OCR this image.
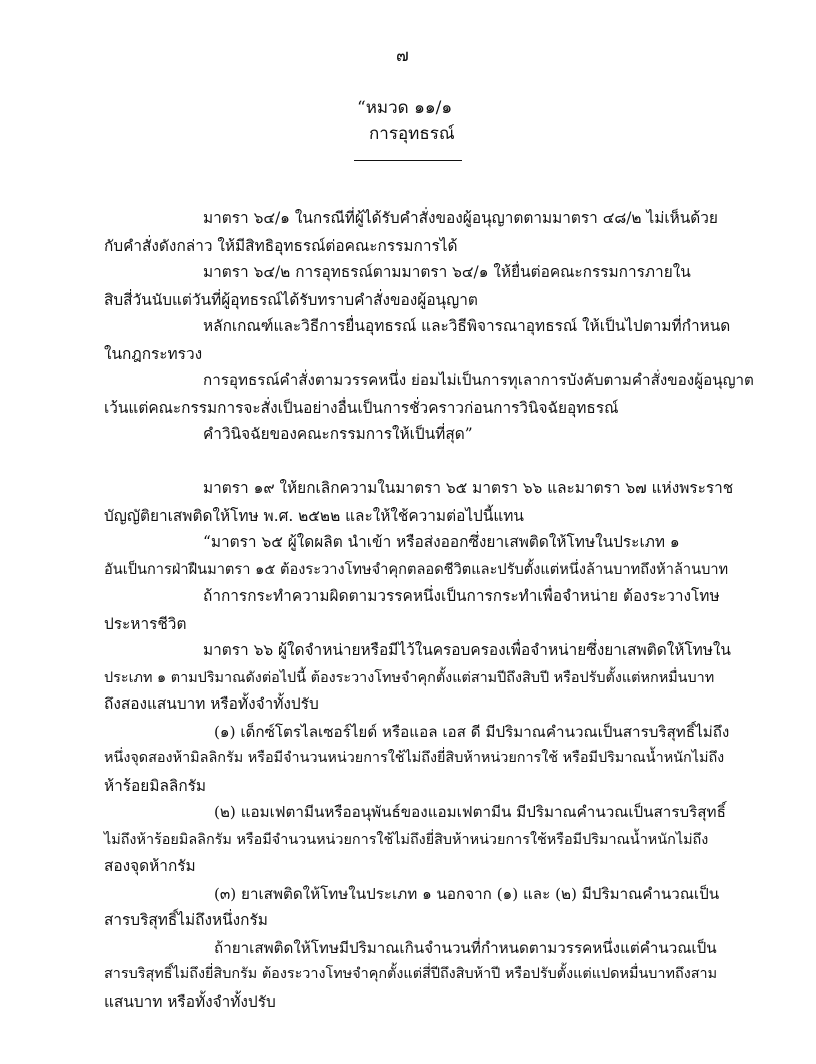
๗
“หมวด ๑๑/๑
การอุทธรณ์
มาตรา ๖๔/๑ ในกรณีที่ผู้ได้รับคำสั่งของผู้อนุญาตตามมาตรา ๔๘/๒ ไม่เห็นด้วย
กับคำสั่งดังกล่าว ให้มีสิทธิอุทธรณ์ต่อคณะกรรมการได้
มาตรา ๖๔/๒ การอุทธรณ์ตามมาตรา ๖๔/๑ ให้ยื่นต่อคณะกรรมการภายใน
สิบสี่วันนับแต่วันที่ผู้อุทธรณ์ได้รับทราบคำสั่งของผู้อนุญาต
หลักเกณฑ์และวิธีการยื่นอุทธรณ์ และวิธีพิจารณาอุทธรณ์ ให้เป็นไปตามที่กำหนด
ในกฎกระทรวง
การอุทธรณ์คำสั่งตามวรรคหนึ่ง ย่อมไม่เป็นการทุเลาการบังคับตามคำสั่งของผู้อนุญาต
เว้นแต่คณะกรรมการจะสั่งเป็นอย่างอื่นเป็นการชั่วคราวก่อนการวินิจฉัยอุทธรณ์
คำวินิจฉัยของคณะกรรมการให้เป็นที่สุด”
มาตรา ๑๙ ให้ยกเลิกความในมาตรา ๖๕ มาตรา ๖๖ และมาตรา ๖๗ แห่งพระราช
บัญญัติยาเสพติดให้โทษ พ.ศ. ๒๕๒๒ และให้ใช้ความต่อไปนี้แทน
“มาตรา ๖๕ ผู้ใดผลิต นำเข้า หรือส่งออกซึ่งยาเสพติดให้โทษในประเภท ๑
อันเป็นการฝ่าฝืนมาตรา ๑๕ ต้องระวางโทษจำคุกตลอดชีวิตและปรับตั้งแต่หนึ่งล้านบาทถึงห้าล้านบาท
ถ้าการกระทำความผิดตามวรรคหนึ่งเป็นการกระทำเพื่อจำหน่าย ต้องระวางโทษ
ประหารชีวิต
มาตรา ๖๖ ผู้ใดจำหน่ายหรือมีไว้ในครอบครองเพื่อจำหน่ายซึ่งยาเสพติดให้โทษใน
ประเภท ๑ ตามปริมาณดังต่อไปนี้ ต้องระวางโทษจำคุกตั้งแต่สามปีถึงสิบปี หรือปรับตั้งแต่หกหมื่นบาท
ถึงสองแสนบาท หรือทั้งจำทั้งปรับ
(๑) เด็กซ์โตรไลเซอร์ไยด์ หรือแอล เอส ดี มีปริมาณคำนวณเป็นสารบริสุทธิ์ไม่ถึง
หนึ่งจุดสองห้ามิลลิกรัม หรือมีจำนวนหน่วยการใช้ไม่ถึงยี่สิบห้าหน่วยการใช้ หรือมีปริมาณน้ำหนักไม่ถึง
ห้าร้อยมิลลิกรัม
(๒) แอมเฟตามีนหรืออนุพันธ์ของแอมเฟตามีน มีปริมาณคำนวณเป็นสารบริสุทธิ์
ไม่ถึงห้าร้อยมิลลิกรัม หรือมีจำนวนหน่วยการใช้ไม่ถึงยี่สิบห้าหน่วยการใช้หรือมีปริมาณน้ำหนักไม่ถึง
สองจุดห้ากรัม
(๓) ยาเสพติดให้โทษในประเภท ๑ นอกจาก (๑) และ (๒) มีปริมาณคำนวณเป็น
สารบริสุทธิ์ไม่ถึงหนึ่งกรัม
ถ้ายาเสพติดให้โทษมีปริมาณเกินจำนวนที่กำหนดตามวรรคหนึ่งแต่คำนวณเป็น
สารบริสุทธิ์ไม่ถึงยี่สิบกรัม ต้องระวางโทษจำคุกตั้งแต่สี่ปีถึงสิบห้าปี หรือปรับตั้งแต่แปดหมื่นบาทถึงสาม
แสนบาท หรือทั้งจำทั้งปรับ
